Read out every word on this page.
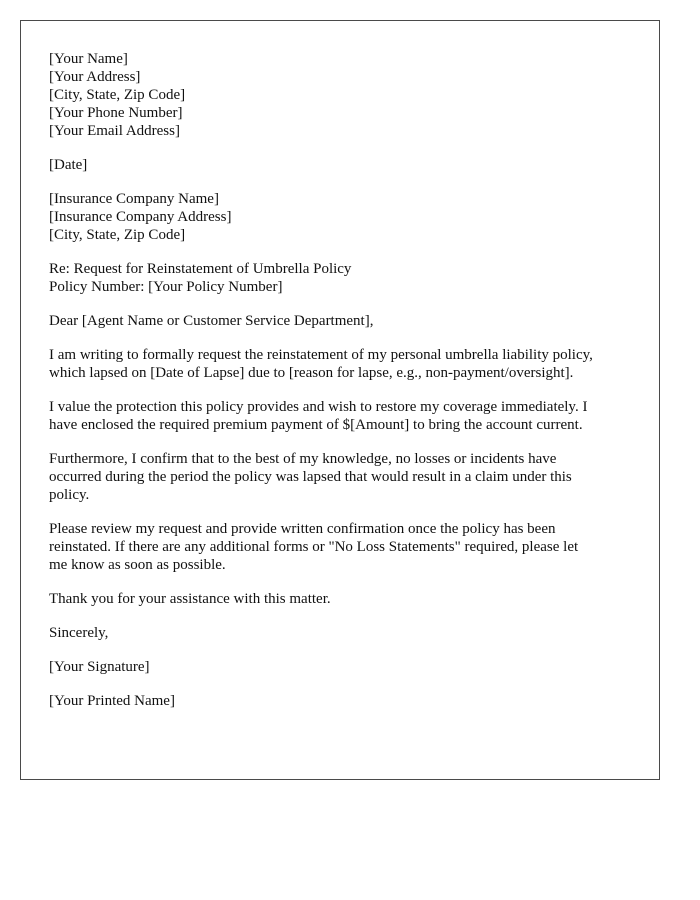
[Your Name]
[Your Address]
[City, State, Zip Code]
[Your Phone Number]
[Your Email Address]
[Date]
[Insurance Company Name]
[Insurance Company Address]
[City, State, Zip Code]
Re: Request for Reinstatement of Umbrella Policy
Policy Number: [Your Policy Number]
Dear [Agent Name or Customer Service Department],
I am writing to formally request the reinstatement of my personal umbrella liability policy,
which lapsed on [Date of Lapse] due to [reason for lapse, e.g., non-payment/oversight].
I value the protection this policy provides and wish to restore my coverage immediately. I
have enclosed the required premium payment of $[Amount] to bring the account current.
Furthermore, I confirm that to the best of my knowledge, no losses or incidents have
occurred during the period the policy was lapsed that would result in a claim under this
policy.
Please review my request and provide written confirmation once the policy has been
reinstated. If there are any additional forms or "No Loss Statements" required, please let
me know as soon as possible.
Thank you for your assistance with this matter.
Sincerely,
[Your Signature]
[Your Printed Name]
